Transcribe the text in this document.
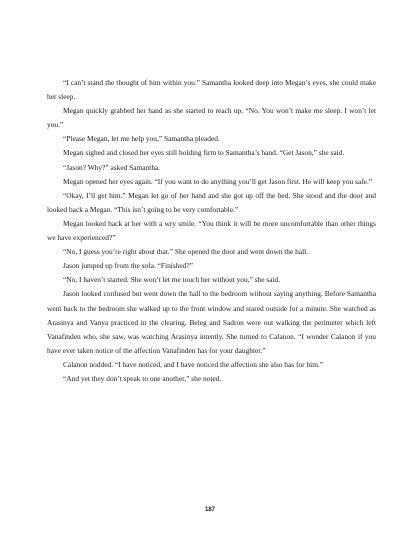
“I can’t stand the thought of him within you.” Samantha looked deep into Megan’s eyes, she could make her sleep.

Megan quickly grabbed her hand as she started to reach up. “No. You won’t make me sleep. I won’t let you.”

“Please Megan, let me help you,” Samantha pleaded.

Megan sighed and closed her eyes still holding firm to Samantha’s hand. “Get Jason,” she said.

“Jason? Why?” asked Samantha.

Megan opened her eyes again. “If you want to do anything you’ll get Jason first. He will keep you safe.”

“Okay, I’ll get him.” Megan let go of her hand and she got up off the bed. She stood and the door and looked back a Megan. “This isn’t going to be very comfortable.”

Megan looked back at her with a wry smile. “You think it will be more uncomfortable than other things we have experienced?”

“No, I guess you’re right about that.” She opened the door and went down the hall.

Jason jumped up from the sofa. “Finished?”

“No, I haven’t started. She won’t let me touch her without you,” she said.

Jason looked confused but went down the hall to the bedroom without saying anything. Before Samantha went back to the bedroom she walked up to the front window and stared outside for a minute. She watched as Arasinya and Vanya practiced in the clearing. Beleg and Sadron were out walking the perimeter which left Vanafinden who, she saw, was watching Arasinya intently. She turned to Calanon. “I wonder Calanon if you have ever taken notice of the affection Vanafinden has for your daughter.”

Calanon nodded. “I have noticed, and I have noticed the affection she also has for him.”

“And yet they don’t speak to one another,” she noted.

187
